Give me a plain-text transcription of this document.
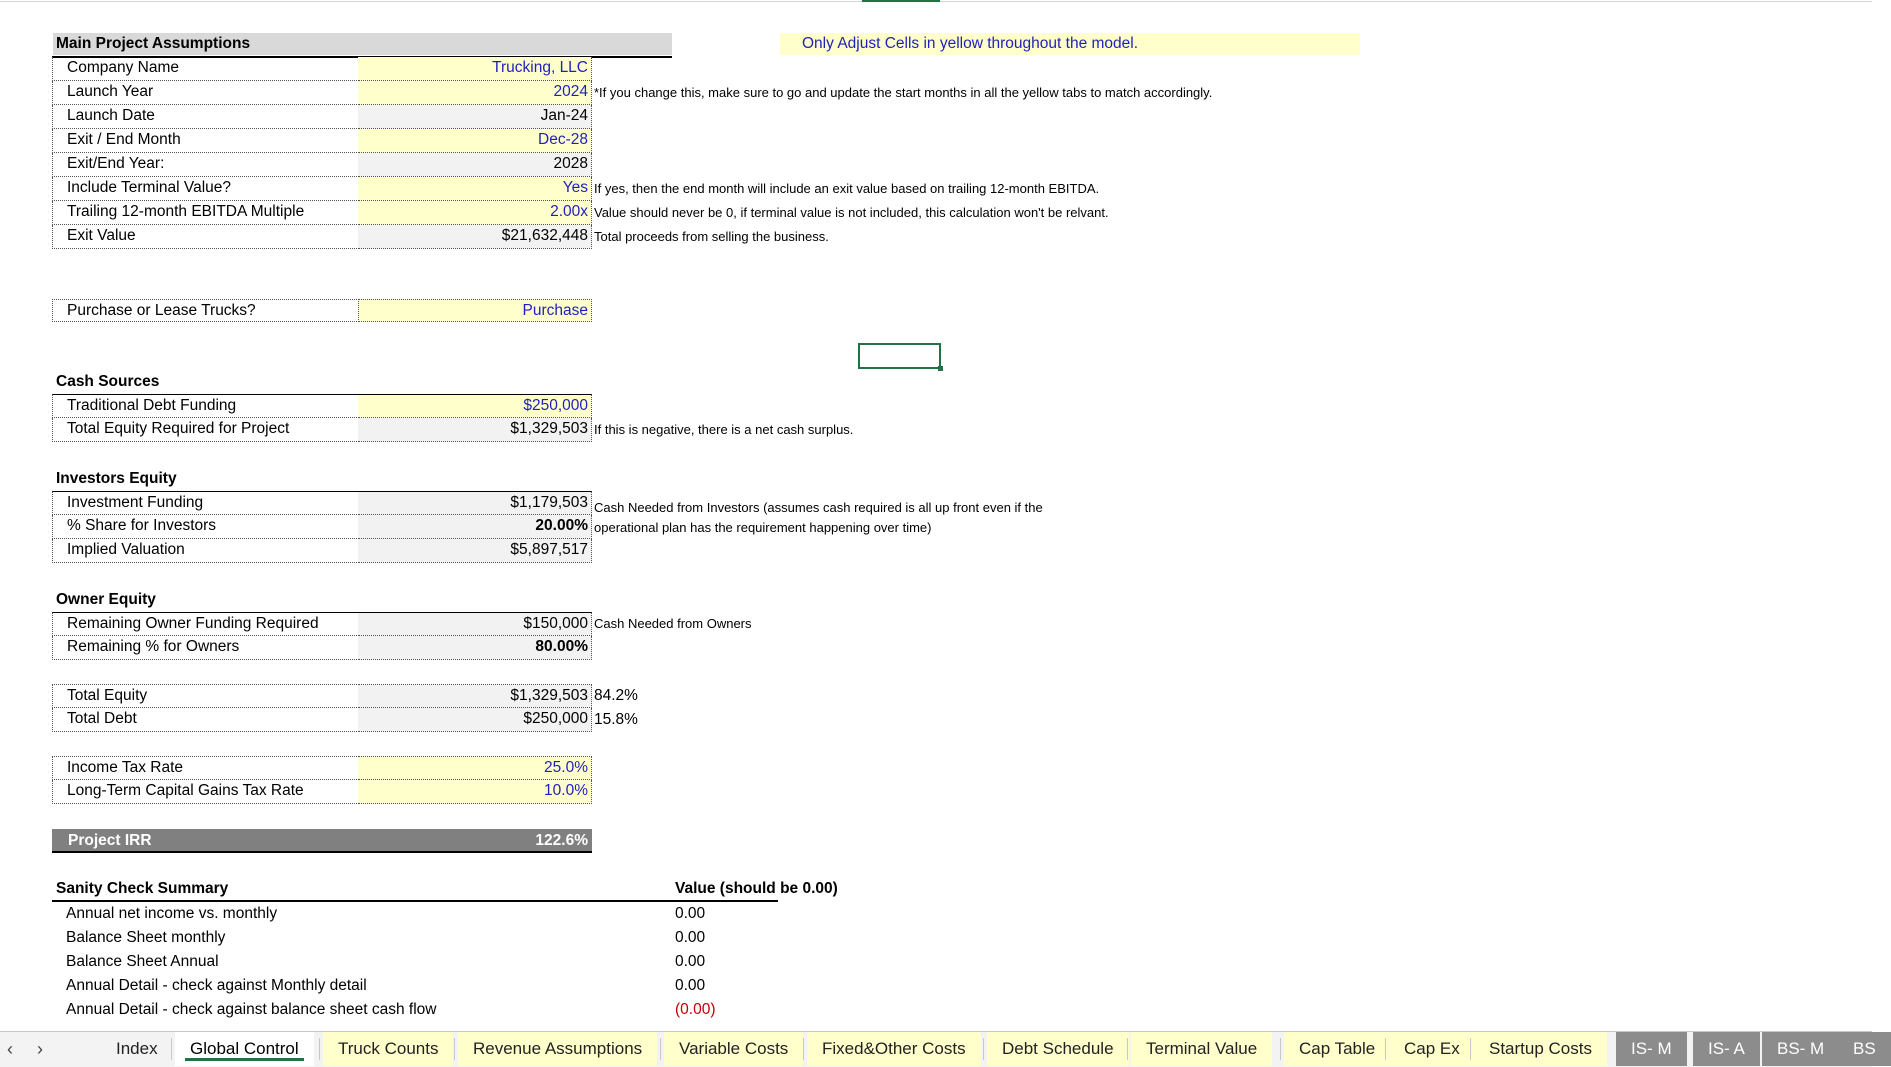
Main Project Assumptions	Only Adjust Cells in yellow throughout the model.
Purchase or Lease Trucks?	Purchase
Cash Sources
Investors Equity
Cash Needed from Investors (assumes cash required is all up front even if the
operational plan has the requirement happening over time)
Owner Equity
Project IRR	122.6%
Sanity Check Summary	Value (should be 0.00)
‹	›
Company Name	Trucking, LLC
Launch Year	2024 *If you change this, make sure to go and update the start months in all the yellow tabs to match accordingly.
Launch Date	Jan-24
Exit / End Month	Dec-28
Exit/End Year:	2028
Include Terminal Value?	Yes If yes, then the end month will include an exit value based on trailing 12-month EBITDA.
Trailing 12-month EBITDA Multiple	2.00x Value should never be 0, if terminal value is not included, this calculation won't be relvant.
Exit Value	$21,632,448 Total proceeds from selling the business.
Traditional Debt Funding	$250,000
Total Equity Required for Project	$1,329,503 If this is negative, there is a net cash surplus.
Investment Funding	$1,179,503
% Share for Investors	20.00%
Implied Valuation	$5,897,517
Remaining Owner Funding Required	$150,000 Cash Needed from Owners
Remaining % for Owners	80.00%
Total Equity	$1,329,503 84.2%
Total Debt	$250,000 15.8%
Income Tax Rate	25.0%
Long-Term Capital Gains Tax Rate	10.0%
Annual net income vs. monthly	0.00
Balance Sheet monthly	0.00
Balance Sheet Annual	0.00
Annual Detail - check against Monthly detail	0.00
Annual Detail - check against balance sheet cash flow	(0.00)
Index	Global Control	Truck Counts	Revenue Assumptions	Variable Costs	Fixed&Other Costs	Debt Schedule	Terminal Value	Cap Table	Cap Ex	Startup Costs	IS- M	IS- A	BS- M	BS
